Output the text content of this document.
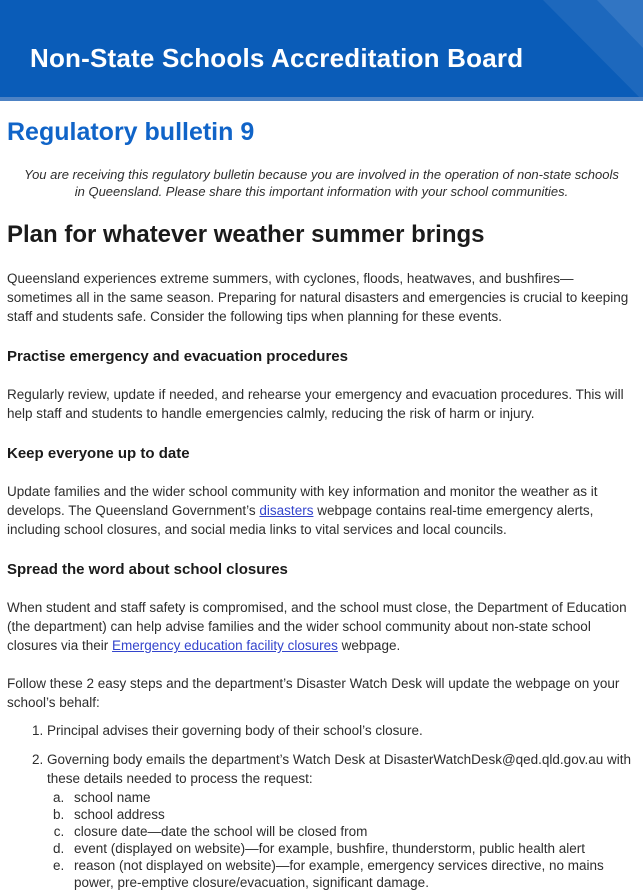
Non-State Schools Accreditation Board
Regulatory bulletin 9

You are receiving this regulatory bulletin because you are involved in the operation of non-state schools in Queensland. Please share this important information with your school communities.

Plan for whatever weather summer brings

Queensland experiences extreme summers, with cyclones, floods, heatwaves, and bushfires—sometimes all in the same season. Preparing for natural disasters and emergencies is crucial to keeping staff and students safe. Consider the following tips when planning for these events.

Practise emergency and evacuation procedures

Regularly review, update if needed, and rehearse your emergency and evacuation procedures. This will help staff and students to handle emergencies calmly, reducing the risk of harm or injury.

Keep everyone up to date

Update families and the wider school community with key information and monitor the weather as it develops. The Queensland Government’s disasters webpage contains real-time emergency alerts, including school closures, and social media links to vital services and local councils.

Spread the word about school closures

When student and staff safety is compromised, and the school must close, the Department of Education (the department) can help advise families and the wider school community about non-state school closures via their Emergency education facility closures webpage.

Follow these 2 easy steps and the department’s Disaster Watch Desk will update the webpage on your school’s behalf:

1. Principal advises their governing body of their school’s closure.
2. Governing body emails the department’s Watch Desk at DisasterWatchDesk@qed.qld.gov.au with these details needed to process the request:
a. school name
b. school address
c. closure date—date the school will be closed from
d. event (displayed on website)—for example, bushfire, thunderstorm, public health alert
e. reason (not displayed on website)—for example, emergency services directive, no mains power, pre-emptive closure/evacuation, significant damage.
